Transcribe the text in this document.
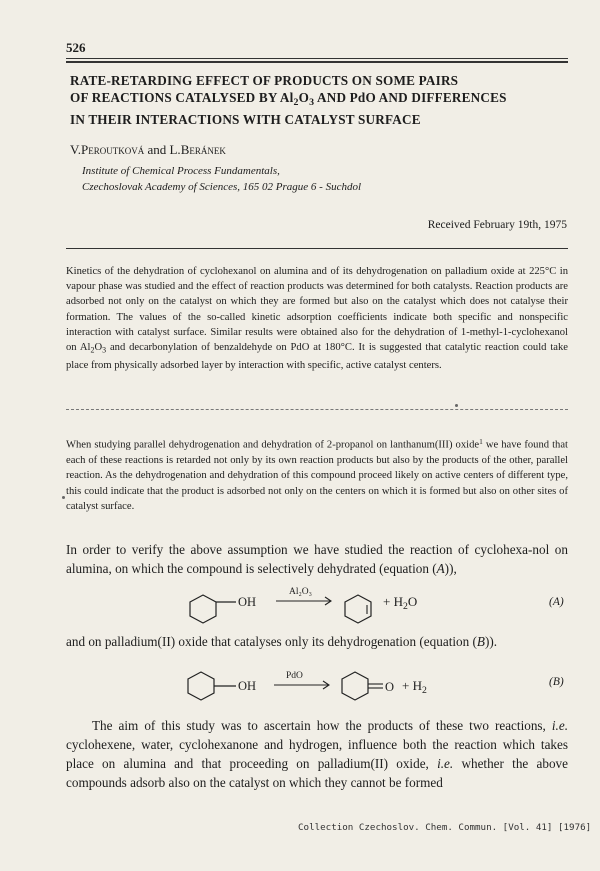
526
RATE-RETARDING EFFECT OF PRODUCTS ON SOME PAIRS
OF REACTIONS CATALYSED BY $Al_2O_3$ AND PdO AND DIFFERENCES
IN THEIR INTERACTIONS WITH CATALYST SURFACE
V.Peroutková and L.Beránek
Institute of Chemical Process Fundamentals,
Czechoslovak Academy of Sciences, 165 02 Prague 6 - Suchdol
Received February 19th, 1975

Kinetics of the dehydration of cyclohexanol on alumina and of its dehydrogenation on palladium oxide at 225°C in vapour phase was studied and the effect of reaction products was determined for both catalysts. Reaction products are adsorbed not only on the catalyst on which they are formed but also on the catalyst which does not catalyse their formation. The values of the so-called kinetic adsorption coefficients indicate both specific and nonspecific interaction with catalyst surface. Similar results were obtained also for the dehydration of 1-methyl-1-cyclohexanol on $Al_2O_3$ and decarbonylation of benzaldehyde on PdO at 180°C. It is suggested that catalytic reaction could take place from physically adsorbed layer by interaction with specific, active catalyst centers.

When studying parallel dehydrogenation and dehydration of 2-propanol on lanthanum(III) oxide$^1$ we have found that each of these reactions is retarded not only by its own reaction products but also by the products of the other, parallel reaction. As the dehydrogenation and dehydration of this compound proceed likely on active centers of different type, this could indicate that the product is adsorbed not only on the centers on which it is formed but also on other sites of catalyst surface.

In order to verify the above assumption we have studied the reaction of cyclohexa-nol on alumina, on which the compound is selectively dehydrated (equation (A)),

OH
Al₂O₃
+ $H_2O$	(A)

and on palladium(II) oxide that catalyses only its dehydrogenation (equation (B)).

OH
PdO
$O + H_2$
(B)

The aim of this study was to ascertain how the products of these two reactions, i.e. cyclohexene, water, cyclohexanone and hydrogen, influence both the reaction which takes place on alumina and that proceeding on palladium(II) oxide, i.e. whether the above compounds adsorb also on the catalyst on which they cannot be formed

Collection Czechoslov. Chem. Commun. [Vol. 41] [1976]
